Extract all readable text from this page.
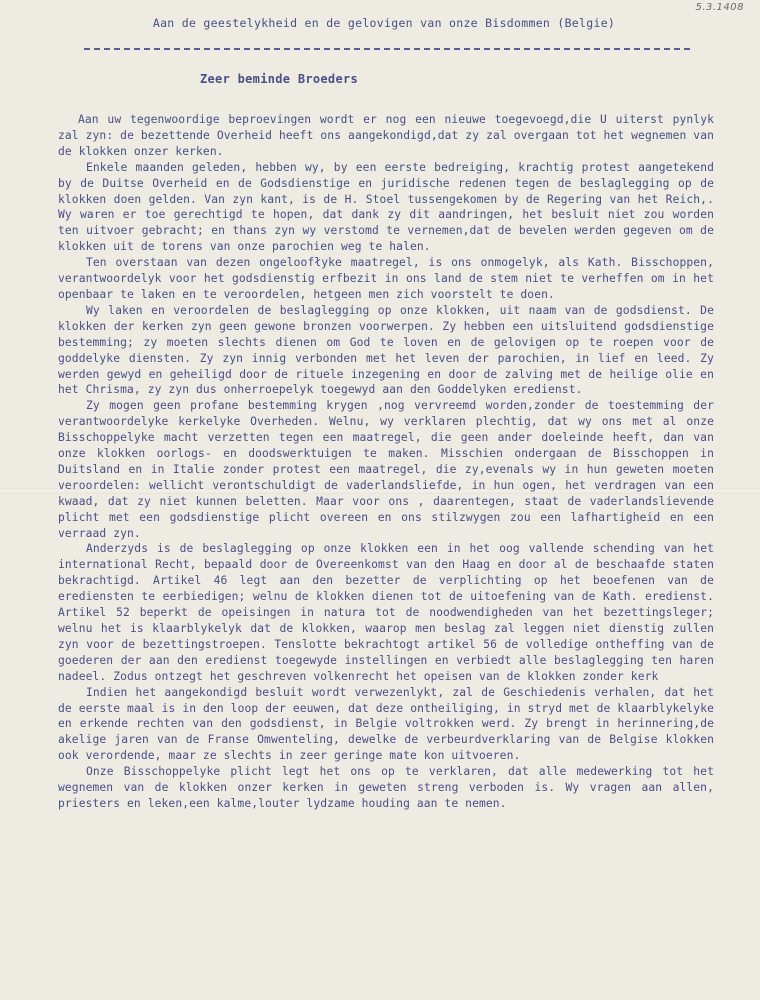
5.3.1408
Aan de geestelykheid en de gelovigen van onze Bisdommen (Belgie)
Zeer beminde Broeders

Aan uw tegenwoordige beproevingen wordt er nog een nieuwe toegevoegd,die U uiterst pynlyk zal zyn: de bezettende Overheid heeft ons aangekondigd,dat zy zal overgaan tot het wegnemen van de klokken onzer kerken.

Enkele maanden geleden, hebben wy, by een eerste bedreiging, krachtig protest aangetekend by de Duitse Overheid en de Godsdienstige en juridische redenen tegen de beslaglegging op de klokken doen gelden. Van zyn kant, is de H. Stoel tussengekomen by de Regering van het Reich,. Wy waren er toe gerechtigd te hopen, dat dank zy dit aandringen, het besluit niet zou worden ten uitvoer gebracht; en thans zyn wy verstomd te vernemen,dat de bevelen werden gegeven om de klokken uit de torens van onze parochien weg te halen.

Ten overstaan van dezen ongeloofłyke maatregel, is ons onmogelyk, als Kath. Bisschoppen, verantwoordelyk voor het godsdienstig erfbezit in ons land de stem niet te verheffen om in het openbaar te laken en te veroordelen, hetgeen men zich voorstelt te doen.

Wy laken en veroordelen de beslaglegging op onze klokken, uit naam van de godsdienst. De klokken der kerken zyn geen gewone bronzen voorwerpen. Zy hebben een uitsluitend godsdienstige bestemming; zy moeten slechts dienen om God te loven en de gelovigen op te roepen voor de goddelyke diensten. Zy zyn innig verbonden met het leven der parochien, in lief en leed. Zy werden gewyd en geheiligd door de rituele inzegening en door de zalving met de heilige olie en het Chrisma, zy zyn dus onherroepelyk toegewyd aan den Goddelyken eredienst.

Zy mogen geen profane bestemming krygen ,nog vervreemd worden,zonder de toestemming der verantwoordelyke kerkelyke Overheden. Welnu, wy verklaren plechtig, dat wy ons met al onze Bisschoppelyke macht verzetten tegen een maatregel, die geen ander doeleinde heeft, dan van onze klokken oorlogs- en doodswerktuigen te maken. Misschien ondergaan de Bisschoppen in Duitsland en in Italie zonder protest een maatregel, die zy,evenals wy in hun geweten moeten veroordelen: wellicht verontschuldigt de vaderlandsliefde, in hun ogen, het verdragen van een kwaad, dat zy niet kunnen beletten. Maar voor ons , daarentegen, staat de vaderlandslievende plicht met een godsdienstige plicht overeen en ons stilzwygen zou een lafhartigheid en een verraad zyn.

Anderzyds is de beslaglegging op onze klokken een in het oog vallende schending van het international Recht, bepaald door de Overeenkomst van den Haag en door al de beschaafde staten bekrachtigd. Artikel 46 legt aan den bezetter de verplichting op het beoefenen van de erediensten te eerbiedigen; welnu de klokken dienen tot de uitoefening van de Kath. eredienst. Artikel 52 beperkt de opeisingen in natura tot de noodwendigheden van het bezettingsleger; welnu het is klaarblykelyk dat de klokken, waarop men beslag zal leggen niet dienstig zullen zyn voor de bezettingstroepen. Tenslotte bekrachtogt artikel 56 de volledige ontheffing van de goederen der aan den eredienst toegewyde instellingen en verbiedt alle beslaglegging ten haren nadeel. Zodus ontzegt het geschreven volkenrecht het opeisen van de klokken zonder kerk

Indien het aangekondigd besluit wordt verwezenlykt, zal de Geschiedenis verhalen, dat het de eerste maal is in den loop der eeuwen, dat deze ontheiliging, in stryd met de klaarblykelyke en erkende rechten van den godsdienst, in Belgie voltrokken werd. Zy brengt in herinnering,de akelige jaren van de Franse Omwenteling, dewelke de verbeurdverklaring van de Belgise klokken ook verordende, maar ze slechts in zeer geringe mate kon uitvoeren.

Onze Bisschoppelyke plicht legt het ons op te verklaren, dat alle medewerking tot het wegnemen van de klokken onzer kerken in geweten streng verboden is. Wy vragen aan allen, priesters en leken,een kalme,louter lydzame houding aan te nemen.
